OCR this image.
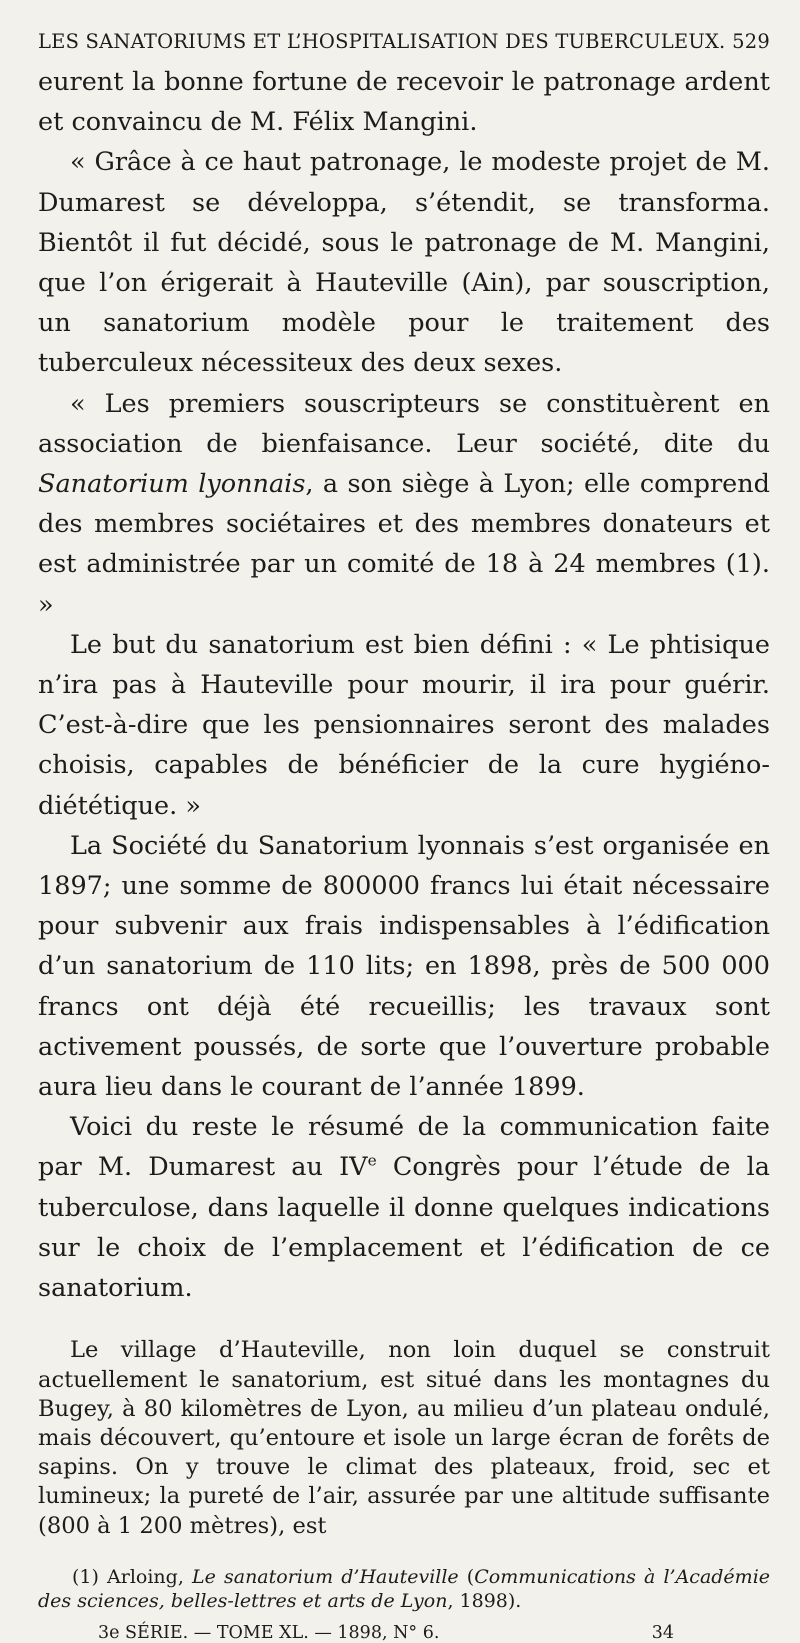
LES SANATORIUMS ET L’HOSPITALISATION DES TUBERCULEUX. 529

eurent la bonne fortune de recevoir le patronage ardent et convaincu de M. Félix Mangini.

« Grâce à ce haut patronage, le modeste projet de M. Dumarest se développa, s’étendit, se transforma. Bientôt il fut décidé, sous le patronage de M. Mangini, que l’on érigerait à Hauteville (Ain), par souscription, un sanatorium modèle pour le traitement des tuberculeux nécessiteux des deux sexes.

« Les premiers souscripteurs se constituèrent en association de bienfaisance. Leur société, dite du Sanatorium lyonnais, a son siège à Lyon; elle comprend des membres sociétaires et des membres donateurs et est administrée par un comité de 18 à 24 membres (1). »

Le but du sanatorium est bien défini : « Le phtisique n’ira pas à Hauteville pour mourir, il ira pour guérir. C’est-à-dire que les pensionnaires seront des malades choisis, capables de bénéficier de la cure hygiéno-diététique. »

La Société du Sanatorium lyonnais s’est organisée en 1897; une somme de 800000 francs lui était nécessaire pour subvenir aux frais indispensables à l’édification d’un sanatorium de 110 lits; en 1898, près de 500 000 francs ont déjà été recueillis; les travaux sont activement poussés, de sorte que l’ouverture probable aura lieu dans le courant de l’année 1899.

Voici du reste le résumé de la communication faite par M. Dumarest au IVe Congrès pour l’étude de la tuberculose, dans laquelle il donne quelques indications sur le choix de l’emplacement et l’édification de ce sanatorium.

Le village d’Hauteville, non loin duquel se construit actuellement le sanatorium, est situé dans les montagnes du Bugey, à 80 kilomètres de Lyon, au milieu d’un plateau ondulé, mais découvert, qu’entoure et isole un large écran de forêts de sapins. On y trouve le climat des plateaux, froid, sec et lumineux; la pureté de l’air, assurée par une altitude suffisante (800 à 1 200 mètres), est

(1) Arloing, Le sanatorium d’Hauteville (Communications à l’Académie des sciences, belles-lettres et arts de Lyon, 1898).

3e SÉRIE. — TOME XL. — 1898, N° 6.	34
